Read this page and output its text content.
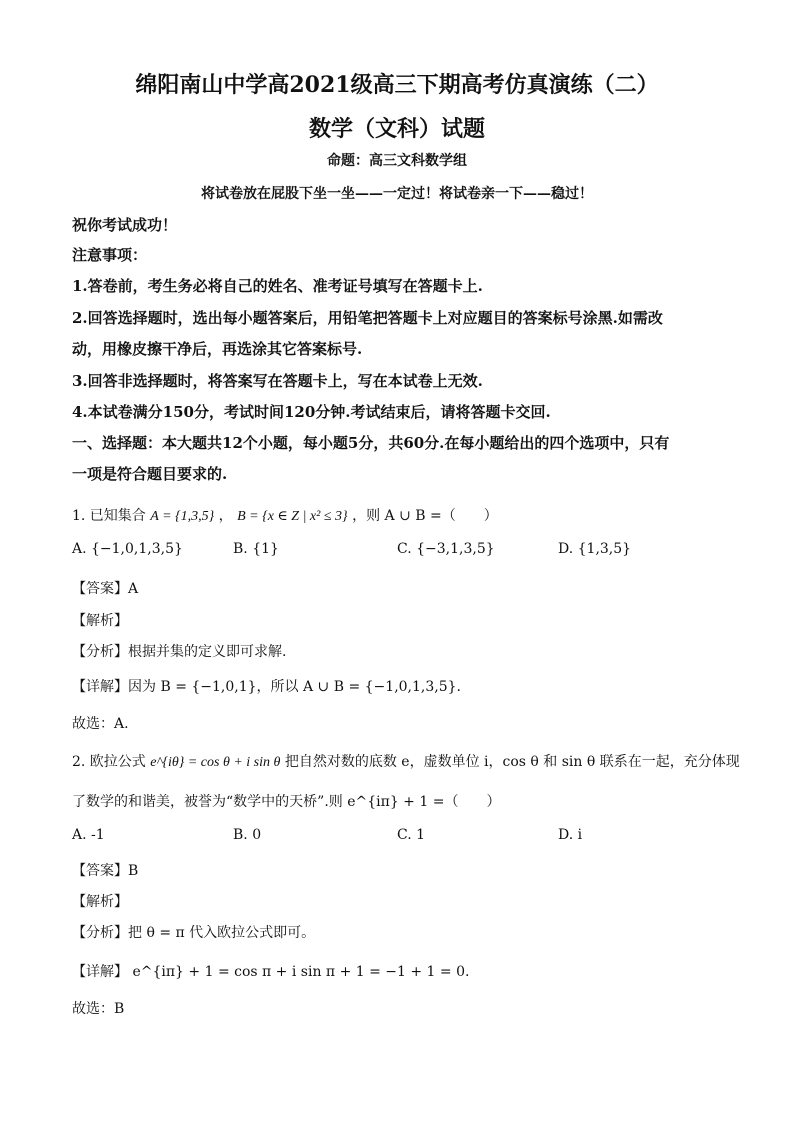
绵阳南山中学高2021级高三下期高考仿真演练（二）
数学（文科）试题
命题：高三文科数学组
将试卷放在屁股下坐一坐——一定过！将试卷亲一下——稳过！
祝你考试成功！
注意事项：
1.答卷前，考生务必将自己的姓名、准考证号填写在答题卡上.
2.回答选择题时，选出每小题答案后，用铅笔把答题卡上对应题目的答案标号涂黑.如需改
动，用橡皮擦干净后，再选涂其它答案标号.
3.回答非选择题时，将答案写在答题卡上，写在本试卷上无效.
4.本试卷满分150分，考试时间120分钟.考试结束后，请将答题卡交回.
一、选择题：本大题共12个小题，每小题5分，共60分.在每小题给出的四个选项中，只有
一项是符合题目要求的.
1. 已知集合 A = {1,3,5} ， B = {x ∈ Z | x² ≤ 3} ，则 A ∪ B =（　　）
A. {−1,0,1,3,5}	B. {1}	C. {−3,1,3,5}	D. {1,3,5}
【答案】A
【解析】
【分析】根据并集的定义即可求解.
【详解】因为 B = {−1,0,1}，所以 A ∪ B = {−1,0,1,3,5}.
故选：A.
2. 欧拉公式 e^{iθ} = cos θ + i sin θ 把自然对数的底数 e，虚数单位 i，cos θ 和 sin θ 联系在一起，充分体现
了数学的和谐美，被誉为“数学中的天桥”.则 e^{iπ} + 1 =（　　）
A. -1	B. 0	C. 1	D. i
【答案】B
【解析】
【分析】把 θ = π 代入欧拉公式即可。
【详解】 e^{iπ} + 1 = cos π + i sin π + 1 = −1 + 1 = 0.
故选：B
